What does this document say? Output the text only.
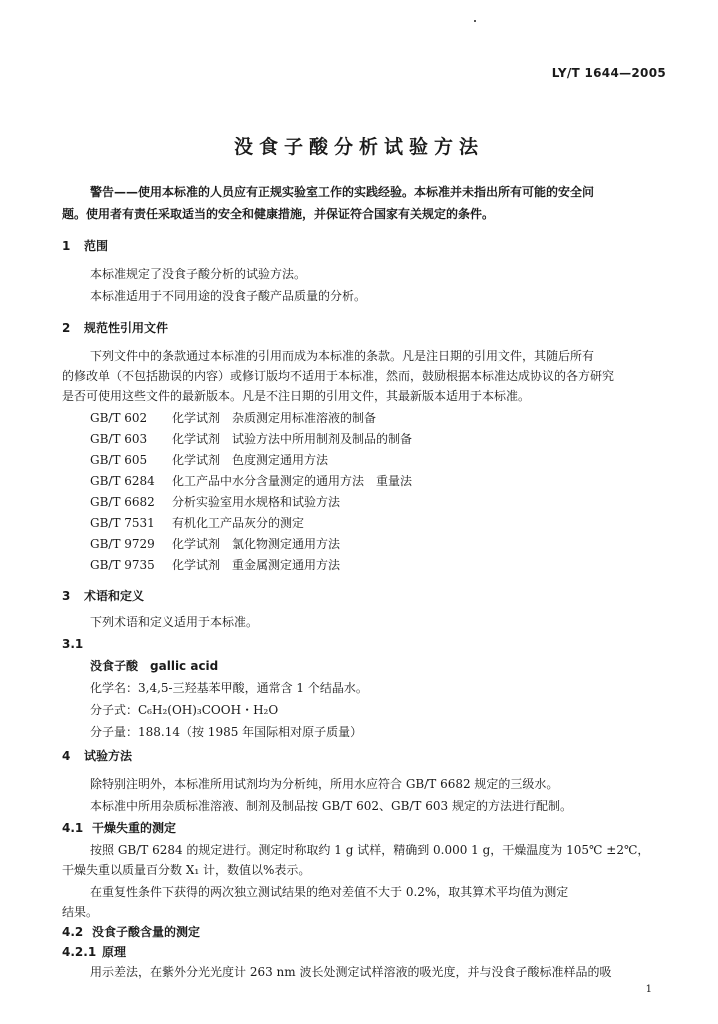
LY/T 1644—2005
没食子酸分析试验方法
警告——使用本标准的人员应有正规实验室工作的实践经验。本标准并未指出所有可能的安全问
题。使用者有责任采取适当的安全和健康措施，并保证符合国家有关规定的条件。
1 范围
本标准规定了没食子酸分析的试验方法。
本标准适用于不同用途的没食子酸产品质量的分析。
2 规范性引用文件
下列文件中的条款通过本标准的引用而成为本标准的条款。凡是注日期的引用文件，其随后所有
的修改单（不包括勘误的内容）或修订版均不适用于本标准，然而，鼓励根据本标准达成协议的各方研究
是否可使用这些文件的最新版本。凡是不注日期的引用文件，其最新版本适用于本标准。
GB/T 602 化学试剂　杂质测定用标准溶液的制备
GB/T 603 化学试剂　试验方法中所用制剂及制品的制备
GB/T 605 化学试剂　色度测定通用方法
GB/T 6284 化工产品中水分含量测定的通用方法　重量法
GB/T 6682 分析实验室用水规格和试验方法
GB/T 7531 有机化工产品灰分的测定
GB/T 9729 化学试剂　氯化物测定通用方法
GB/T 9735 化学试剂　重金属测定通用方法
3 术语和定义
下列术语和定义适用于本标准。
3.1
没食子酸　 gallic acid
化学名：3,4,5-三羟基苯甲酸，通常含 1 个结晶水。
分子式：C₆H₂(OH)₃COOH・H₂O
分子量：188.14（按 1985 年国际相对原子质量）
4 试验方法
除特别注明外，本标准所用试剂均为分析纯，所用水应符合 GB/T 6682 规定的三级水。
本标准中所用杂质标准溶液、制剂及制品按 GB/T 602、GB/T 603 规定的方法进行配制。
4.1 干燥失重的测定
按照 GB/T 6284 的规定进行。测定时称取约 1 g 试样，精确到 0.000 1 g，干燥温度为 105℃ ±2℃，
干燥失重以质量百分数 X₁ 计，数值以%表示。
在重复性条件下获得的两次独立测试结果的绝对差值不大于 0.2%，取其算术平均值为测定
结果。
4.2 没食子酸含量的测定
4.2.1 原理
用示差法，在紫外分光光度计 263 nm 波长处测定试样溶液的吸光度，并与没食子酸标准样品的吸
1
